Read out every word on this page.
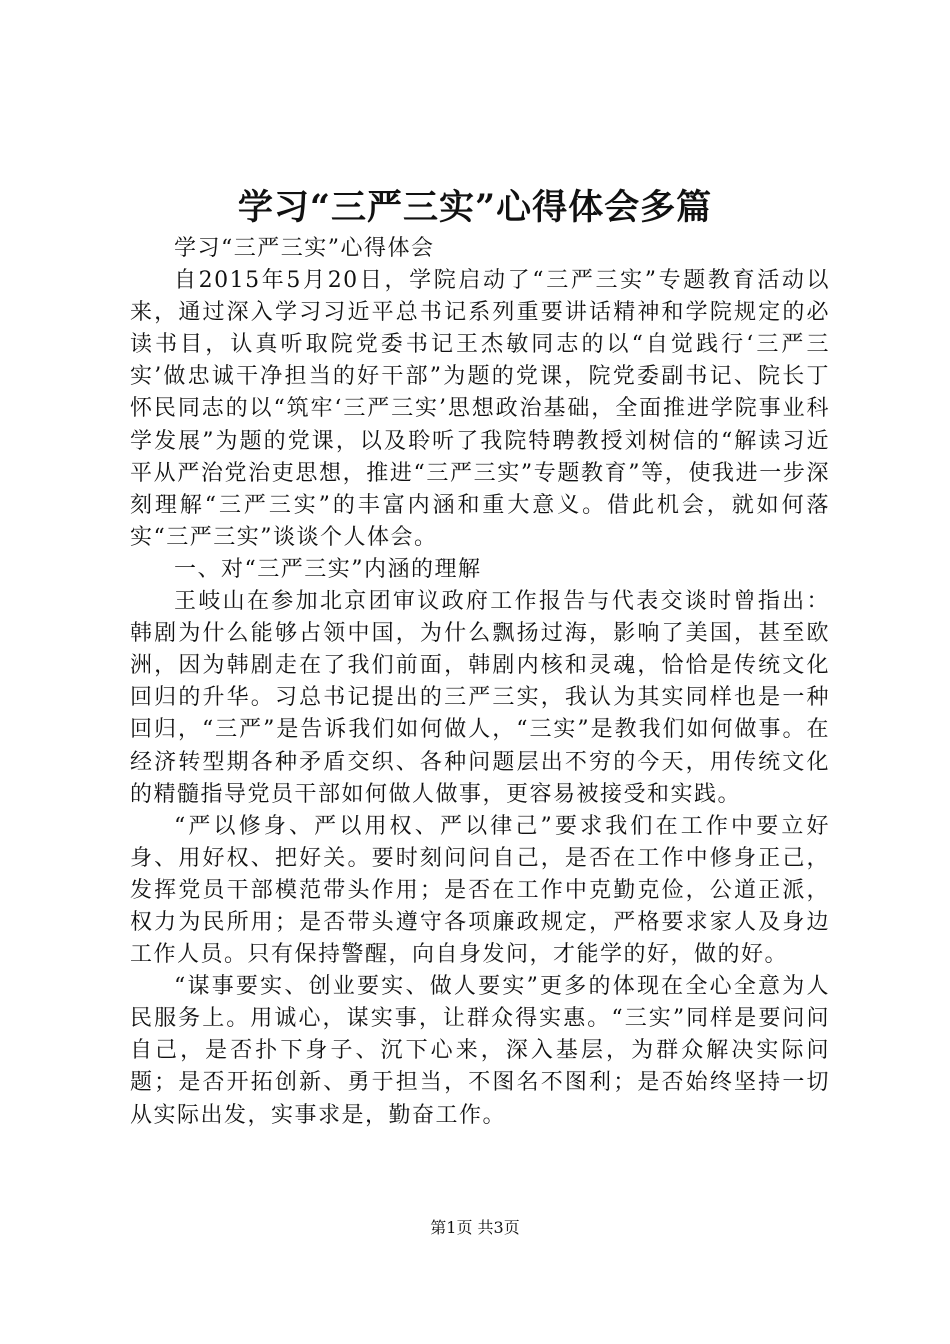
学习“三严三实”心得体会多篇

学习“三严三实”心得体会

自2015年5月20日，学院启动了“三严三实”专题教育活动以来，通过深入学习习近平总书记系列重要讲话精神和学院规定的必读书目，认真听取院党委书记王杰敏同志的以“自觉践行‘三严三实’做忠诚干净担当的好干部”为题的党课，院党委副书记、院长丁怀民同志的以“筑牢‘三严三实’思想政治基础，全面推进学院事业科学发展”为题的党课，以及聆听了我院特聘教授刘树信的“解读习近平从严治党治吏思想，推进“三严三实”专题教育”等，使我进一步深刻理解“三严三实”的丰富内涵和重大意义。借此机会，就如何落实“三严三实”谈谈个人体会。

一、对“三严三实”内涵的理解

王岐山在参加北京团审议政府工作报告与代表交谈时曾指出：韩剧为什么能够占领中国，为什么飘扬过海，影响了美国，甚至欧洲，因为韩剧走在了我们前面，韩剧内核和灵魂，恰恰是传统文化回归的升华。习总书记提出的三严三实，我认为其实同样也是一种回归，“三严”是告诉我们如何做人，“三实”是教我们如何做事。在经济转型期各种矛盾交织、各种问题层出不穷的今天，用传统文化的精髓指导党员干部如何做人做事，更容易被接受和实践。

“严以修身、严以用权、严以律己”要求我们在工作中要立好身、用好权、把好关。要时刻问问自己，是否在工作中修身正己，发挥党员干部模范带头作用；是否在工作中克勤克俭，公道正派，权力为民所用；是否带头遵守各项廉政规定，严格要求家人及身边工作人员。只有保持警醒，向自身发问，才能学的好，做的好。

“谋事要实、创业要实、做人要实”更多的体现在全心全意为人民服务上。用诚心，谋实事，让群众得实惠。“三实”同样是要问问自己，是否扑下身子、沉下心来，深入基层，为群众解决实际问题；是否开拓创新、勇于担当，不图名不图利；是否始终坚持一切从实际出发，实事求是，勤奋工作。

第1页 共3页
